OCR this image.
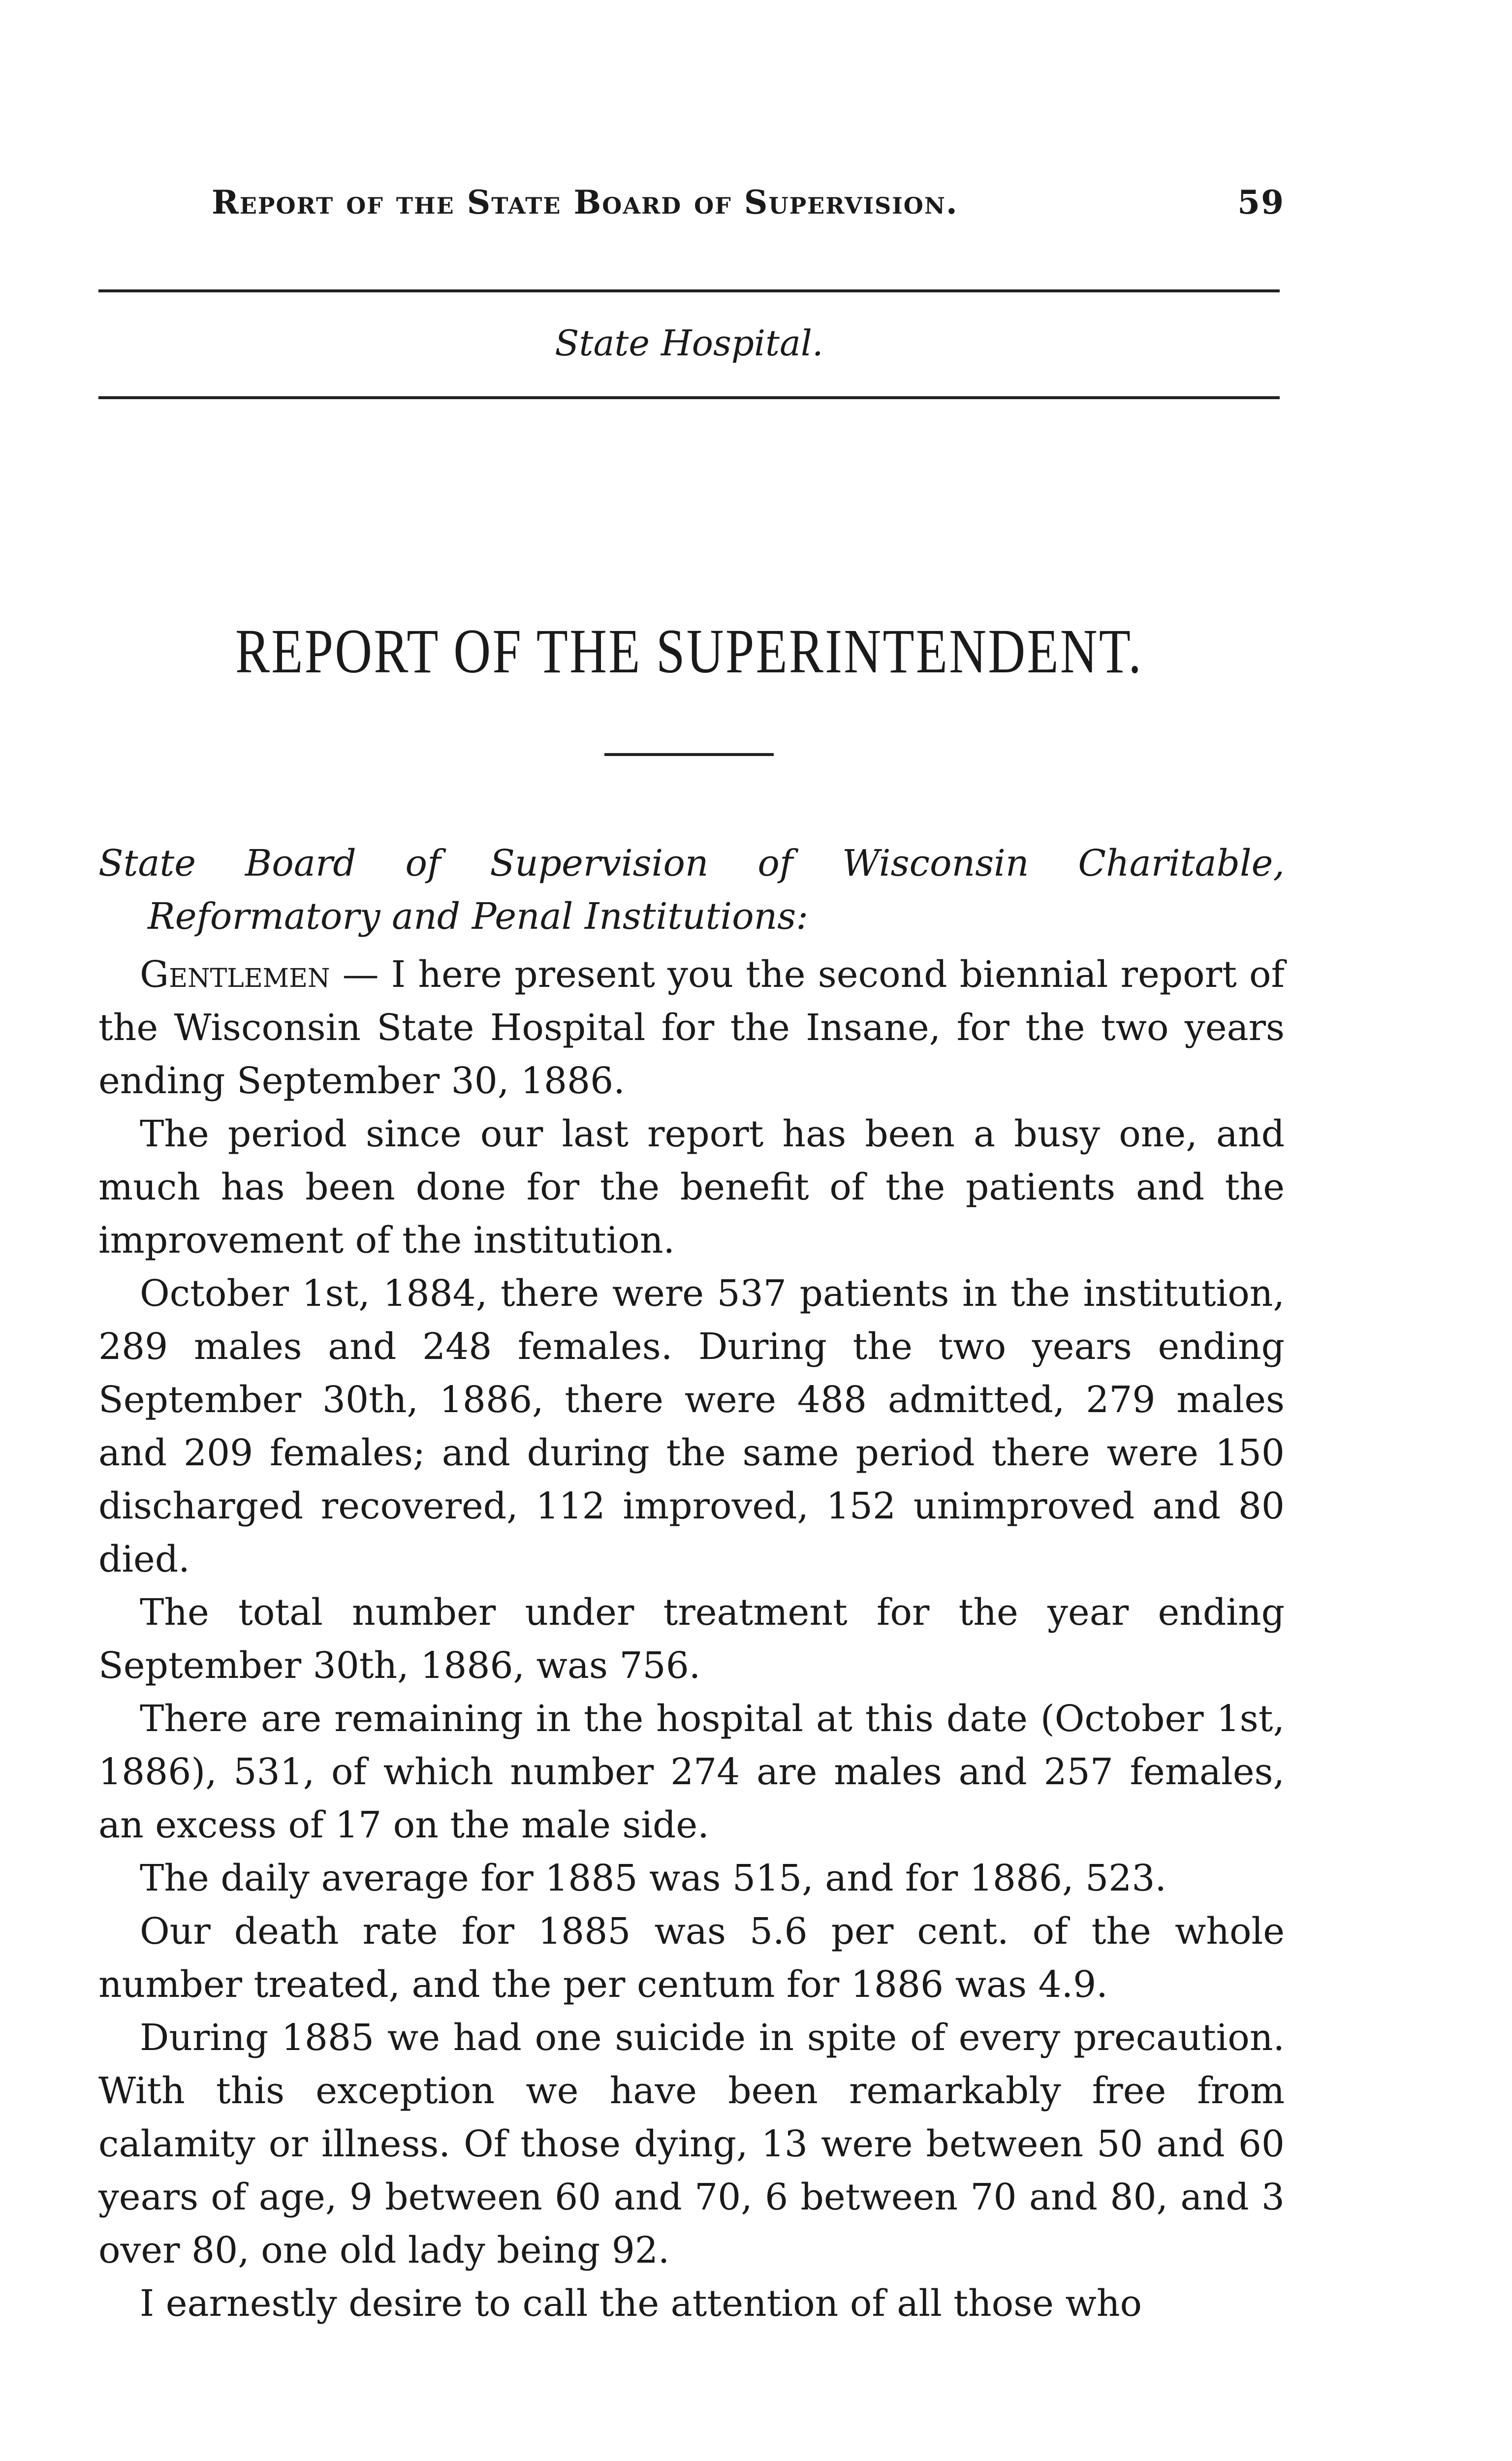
Report of the State Board of Supervision.	59
State Hospital.
REPORT OF THE SUPERINTENDENT.

State Board of Supervision of Wisconsin Charitable, Reformatory and Penal Institutions:

Gentlemen — I here present you the second biennial report of the Wisconsin State Hospital for the Insane, for the two years ending September 30, 1886.

The period since our last report has been a busy one, and much has been done for the benefit of the patients and the improvement of the institution.

October 1st, 1884, there were 537 patients in the institution, 289 males and 248 females. During the two years ending September 30th, 1886, there were 488 admitted, 279 males and 209 females; and during the same period there were 150 discharged recovered, 112 improved, 152 unimproved and 80 died.

The total number under treatment for the year ending September 30th, 1886, was 756.

There are remaining in the hospital at this date (October 1st, 1886), 531, of which number 274 are males and 257 females, an excess of 17 on the male side.

The daily average for 1885 was 515, and for 1886, 523.

Our death rate for 1885 was 5.6 per cent. of the whole number treated, and the per centum for 1886 was 4.9.

During 1885 we had one suicide in spite of every precaution. With this exception we have been remarkably free from calamity or illness. Of those dying, 13 were between 50 and 60 years of age, 9 between 60 and 70, 6 between 70 and 80, and 3 over 80, one old lady being 92.

I earnestly desire to call the attention of all those who
